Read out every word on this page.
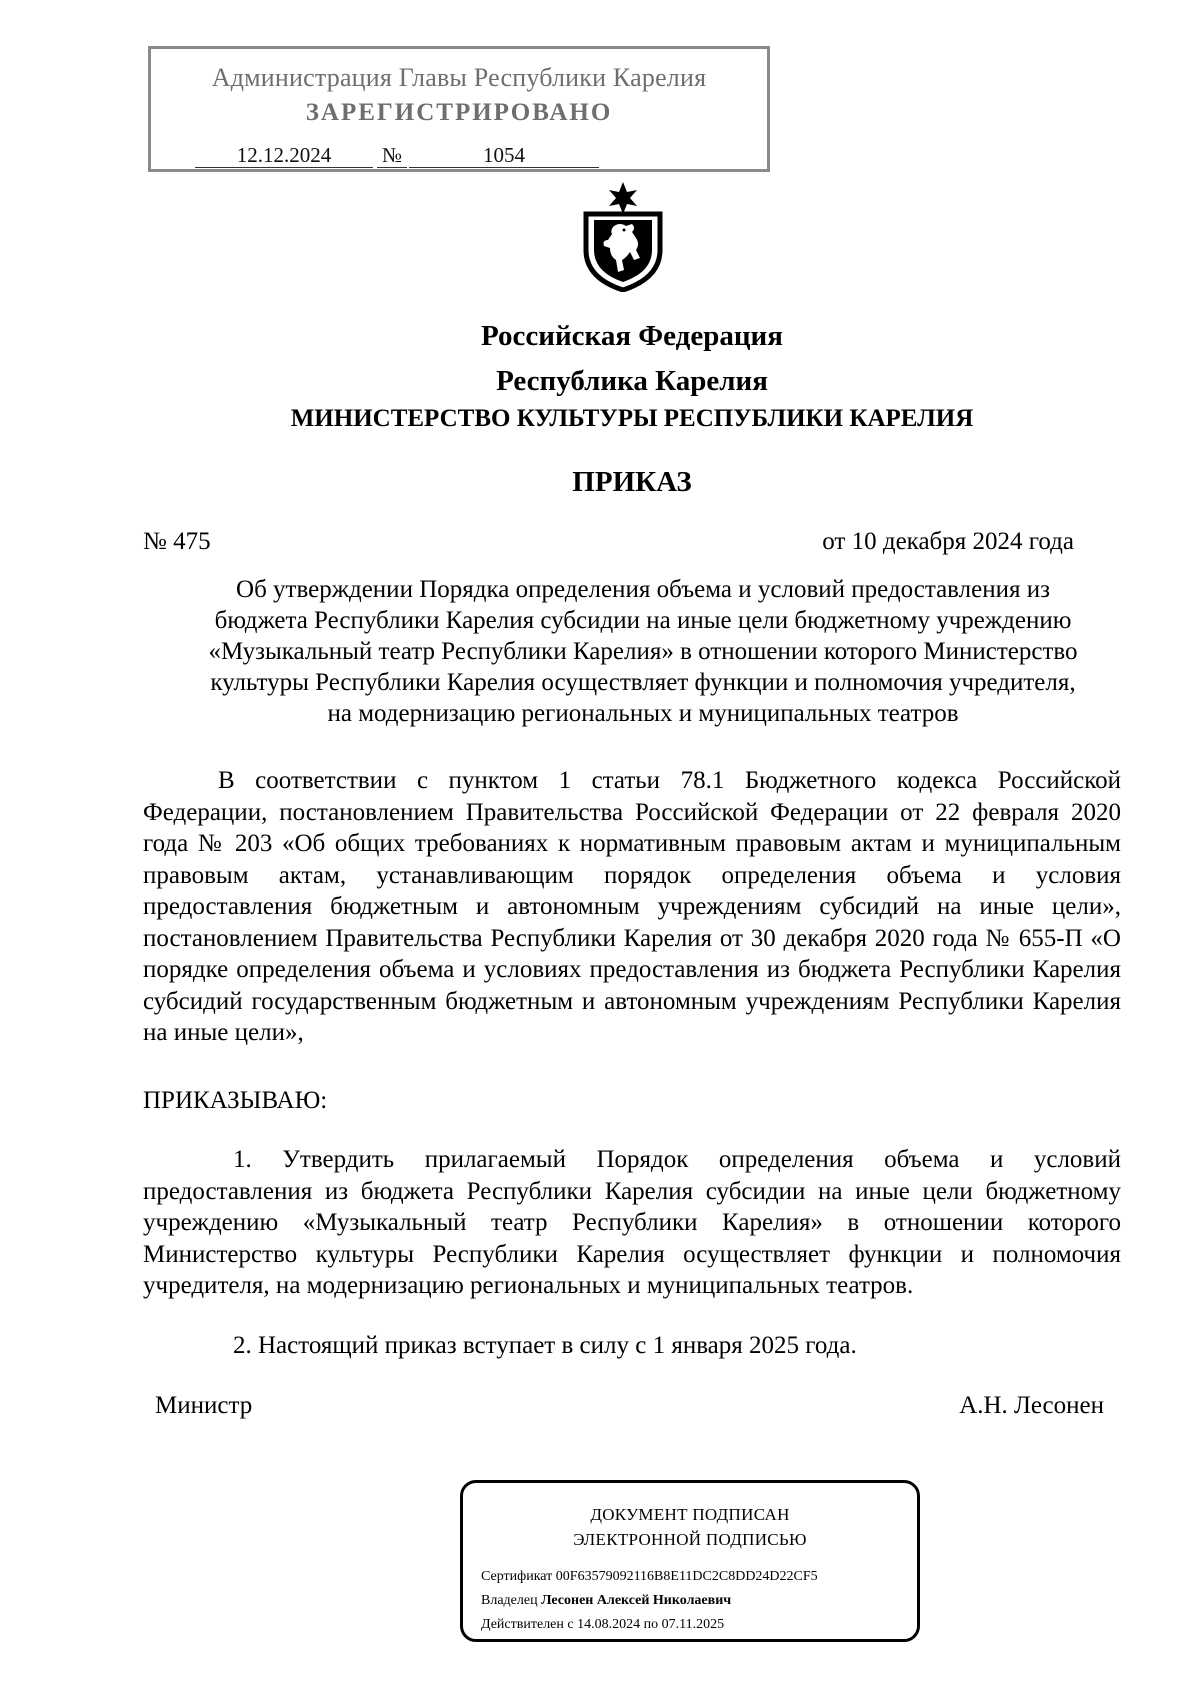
Администрация Главы Республики Карелия
ЗАРЕГИСТРИРОВАНО
12.12.2024	№	1054
Российская Федерация
Республика Карелия
МИНИСТЕРСТВО КУЛЬТУРЫ РЕСПУБЛИКИ КАРЕЛИЯ
ПРИКАЗ
№ 475	от 10 декабря 2024 года
Об утверждении Порядка определения объема и условий предоставления из
бюджета Республики Карелия субсидии на иные цели бюджетному учреждению
«Музыкальный театр Республики Карелия» в отношении которого Министерство
культуры Республики Карелия осуществляет функции и полномочия учредителя,
на модернизацию региональных и муниципальных театров
В соответствии с пунктом 1 статьи 78.1 Бюджетного кодекса Российской Федерации, постановлением Правительства Российской Федерации от 22 февраля 2020 года № 203 «Об общих требованиях к нормативным правовым актам и муниципальным правовым актам, устанавливающим порядок определения объема и условия предоставления бюджетным и автономным учреждениям субсидий на иные цели», постановлением Правительства Республики Карелия от 30 декабря 2020 года № 655-П «О порядке определения объема и условиях предоставления из бюджета Республики Карелия субсидий государственным бюджетным и автономным учреждениям Республики Карелия на иные цели»,
ПРИКАЗЫВАЮ:
1. Утвердить прилагаемый Порядок определения объема и условий предоставления из бюджета Республики Карелия субсидии на иные цели бюджетному учреждению «Музыкальный театр Республики Карелия» в отношении которого Министерство культуры Республики Карелия осуществляет функции и полномочия учредителя, на модернизацию региональных и муниципальных театров.
2. Настоящий приказ вступает в силу с 1 января 2025 года.
Министр	А.Н. Лесонен
ДОКУМЕНТ ПОДПИСАН
ЭЛЕКТРОННОЙ ПОДПИСЬЮ
Сертификат 00F63579092116B8E11DC2C8DD24D22CF5
Владелец Лесонен Алексей Николаевич
Действителен с 14.08.2024 по 07.11.2025
